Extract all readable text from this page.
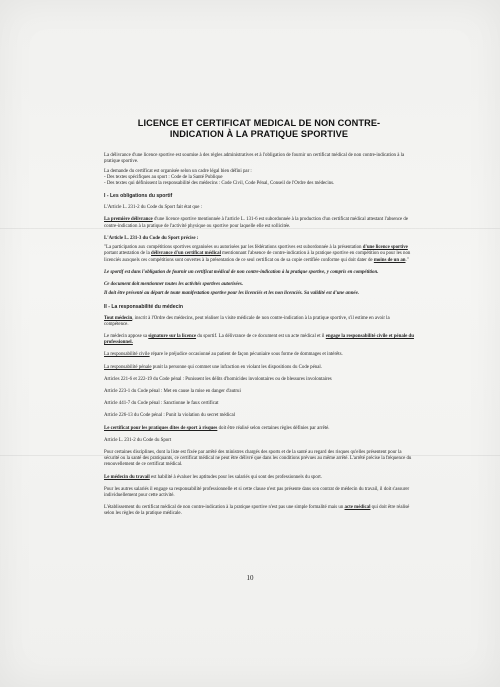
LICENCE ET CERTIFICAT MEDICAL DE NON CONTRE-
INDICATION À LA PRATIQUE SPORTIVE

La délivrance d'une licence sportive est soumise à des règles administratives et à l'obligation de fournir un certificat médical de non contre-indication à la pratique sportive.

La demande du certificat est organisée selon un cadre légal bien défini par :
- Des textes spécifiques au sport : Code de la Santé Publique
- Des textes qui définissent la responsabilité des médecins : Code Civil, Code Pénal, Conseil de l'Ordre des médecins.
I - Les obligations du sportif

L'Article L. 231-2 du Code du Sport fait état que :

La première délivrance d'une licence sportive mentionnée à l'article L. 131-6 est subordonnée à la production d'un certificat médical attestant l'absence de contre-indication à la pratique de l'activité physique ou sportive pour laquelle elle est sollicitée.

L'Article L. 231-3 du Code du Sport précise :

"La participation aux compétitions sportives organisées ou autorisées par les fédérations sportives est subordonnée à la présentation d'une licence sportive portant attestation de la délivrance d'un certificat médical mentionnant l'absence de contre-indication à la pratique sportive en compétition ou pour les non licenciés auxquels ces compétitions sont ouvertes à la présentation de ce seul certificat ou de sa copie certifiée conforme qui doit dater de moins de un an."

Le sportif est dans l'obligation de fournir un certificat médical de non contre-indication à la pratique sportive, y compris en compétition.

Ce document doit mentionner toutes les activités sportives autorisées.

Il doit être présenté au départ de toute manifestation sportive pour les licenciés et les non licenciés. Sa validité est d'une année.

II - La responsabilité du médecin

Tout médecin, inscrit à l'Ordre des médecins, peut réaliser la visite médicale de non contre-indication à la pratique sportive, s'il estime en avoir la compétence.

Le médecin appose sa signature sur la licence du sportif. La délivrance de ce document est un acte médical et il engage la responsabilité civile et pénale du professionnel.

La responsabilité civile répare le préjudice occasionné au patient de façon pécuniaire sous forme de dommages et intérêts.

La responsabilité pénale punit la personne qui commet une infraction en violant les dispositions du Code pénal.

Articles 221-6 et 222-19 du Code pénal : Punissent les délits d'homicides involontaires ou de blessures involontaires

Article 223-1 du Code pénal : Met en cause la mise en danger d'autrui

Article 441-7 du Code pénal : Sanctionne le faux certificat

Article 226-13 du Code pénal : Punit la violation du secret médical

Le certificat pour les pratiques dites de sport à risques doit être réalisé selon certaines règles définies par arrêté.

Article L. 231-2 du Code du Sport

Pour certaines disciplines, dont la liste est fixée par arrêté des ministres chargés des sports et de la santé au regard des risques qu'elles présentent pour la sécurité ou la santé des pratiquants, ce certificat médical ne peut être délivré que dans les conditions prévues au même arrêté. L'arrêté précise la fréquence du renouvellement de ce certificat médical.

Le médecin du travail est habilité à évaluer les aptitudes pour les salariés qui sont des professionnels du sport.

Pour les autres salariés il engage sa responsabilité professionnelle et si cette clause n'est pas présente dans son contrat de médecin du travail, il doit s'assurer individuellement pour cette activité.

L'établissement du certificat médical de non contre-indication à la pratique sportive n'est pas une simple formalité mais un acte médical qui doit être réalisé selon les règles de la pratique médicale.

10
